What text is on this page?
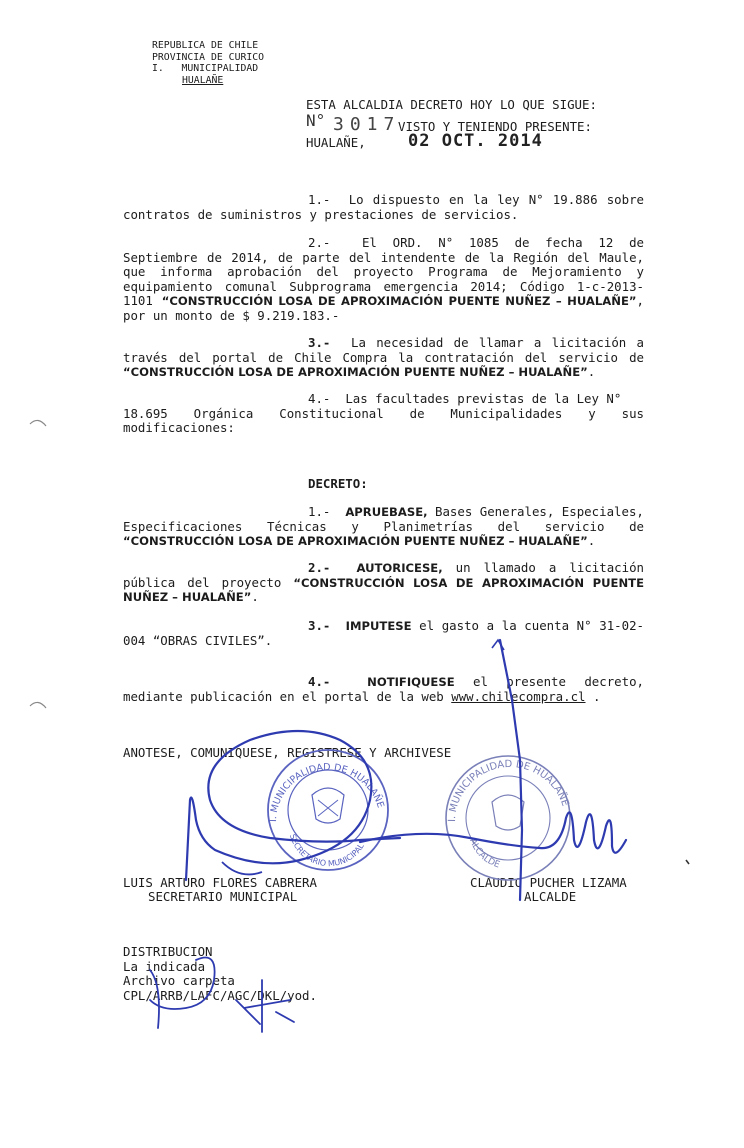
REPUBLICA DE CHILE
PROVINCIA DE CURICO
I.   MUNICIPALIDAD
HUALAÑE
ESTA ALCALDIA DECRETO HOY LO QUE SIGUE:
N° 3017
VISTO Y TENIENDO PRESENTE:
HUALAÑE, 02 OCT. 2014
1.- Lo dispuesto en la ley N° 19.886 sobre contratos de suministros y prestaciones de servicios.
2.-	El ORD. N° 1085 de fecha 12 de Septiembre de 2014, de parte del intendente de la Región del Maule, que informa aprobación del proyecto Programa de Mejoramiento y equipamiento comunal Subprograma emergencia 2014; Código 1-c-2013-1101 “CONSTRUCCIÓN LOSA DE APROXIMACIÓN PUENTE NUÑEZ – HUALAÑE”, por un monto de $ 9.219.183.-
3.- La necesidad de llamar a licitación a través del portal de Chile Compra la contratación del servicio de “CONSTRUCCIÓN LOSA DE APROXIMACIÓN PUENTE NUÑEZ – HUALAÑE”.
4.- Las facultades previstas de la Ley N°
18.695 Orgánica Constitucional de Municipalidades y sus
modificaciones:
DECRETO:
1.- APRUEBASE, Bases Generales, Especiales,
Especificaciones Técnicas y Planimetrías del servicio de
“CONSTRUCCIÓN LOSA DE APROXIMACIÓN PUENTE NUÑEZ – HUALAÑE”.
2.- AUTORICESE, un llamado a licitación pública del proyecto “CONSTRUCCIÓN LOSA DE APROXIMACIÓN PUENTE NUÑEZ – HUALAÑE”.
3.- IMPUTESE el gasto a la cuenta N° 31-02-004 “OBRAS CIVILES”.
4.-	NOTIFIQUESE el presente decreto, mediante publicación en el portal de la web www.chilecompra.cl .
ANOTESE, COMUNIQUESE, REGISTRESE Y ARCHIVESE
LUIS ARTURO FLORES CABRERA
SECRETARIO MUNICIPAL
CLAUDIO PUCHER LIZAMA
ALCALDE
DISTRIBUCION
La indicada
Archivo carpeta
CPL/ARRB/LAFC/AGC/DKL/yod.
I. MUNICIPALIDAD DE HUALAÑE
SECRETARIO MUNICIPAL
I. MUNICIPALIDAD DE HUALAÑE
ALCALDE
